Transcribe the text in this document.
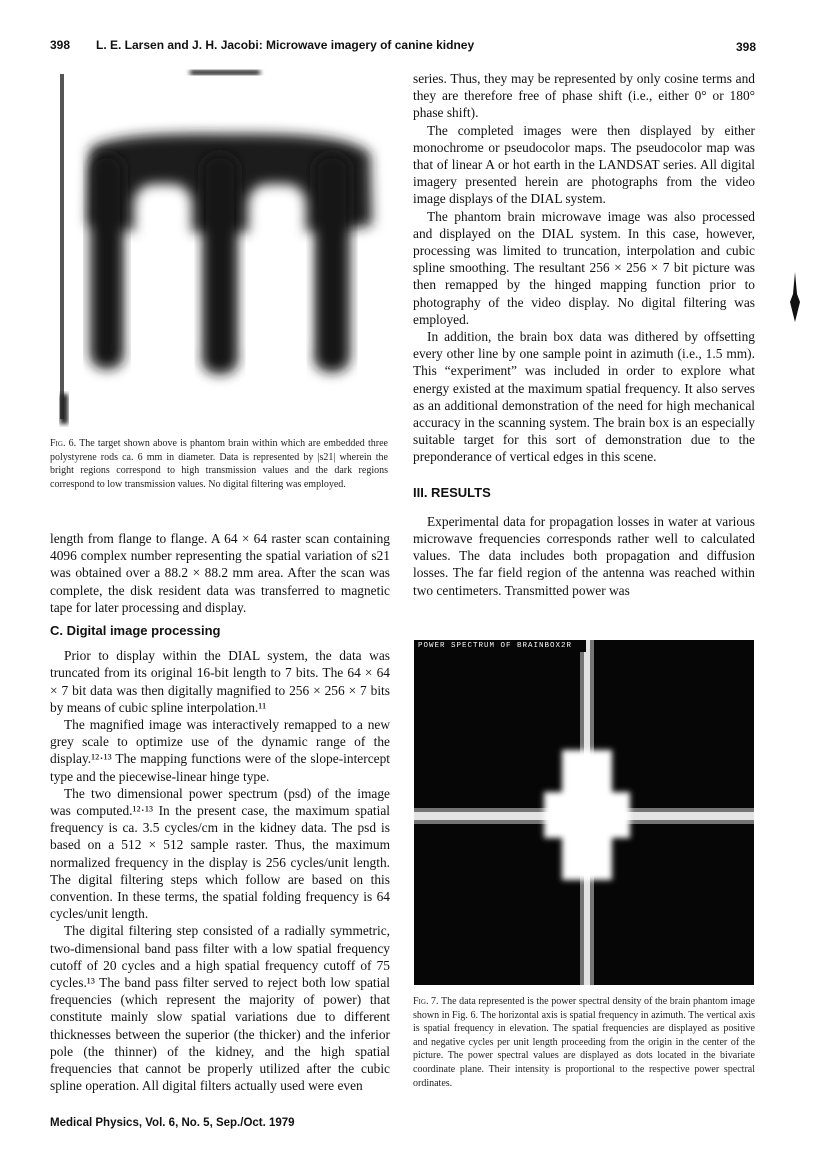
398 L. E. Larsen and J. H. Jacobi: Microwave imagery of canine kidney	398
Fig. 6. The target shown above is phantom brain within which are embedded three polystyrene rods ca. 6 mm in diameter. Data is represented by |s21| wherein the bright regions correspond to high transmission values and the dark regions correspond to low transmission values. No digital filtering was employed.

length from flange to flange. A 64 × 64 raster scan containing 4096 complex number representing the spatial variation of s21 was obtained over a 88.2 × 88.2 mm area. After the scan was complete, the disk resident data was transferred to magnetic tape for later processing and display.

C. Digital image processing

Prior to display within the DIAL system, the data was truncated from its original 16-bit length to 7 bits. The 64 × 64 × 7 bit data was then digitally magnified to 256 × 256 × 7 bits by means of cubic spline interpolation.¹¹

The magnified image was interactively remapped to a new grey scale to optimize use of the dynamic range of the display.¹²·¹³ The mapping functions were of the slope-intercept type and the piecewise-linear hinge type.

The two dimensional power spectrum (psd) of the image was computed.¹²·¹³ In the present case, the maximum spatial frequency is ca. 3.5 cycles/cm in the kidney data. The psd is based on a 512 × 512 sample raster. Thus, the maximum normalized frequency in the display is 256 cycles/unit length. The digital filtering steps which follow are based on this convention. In these terms, the spatial folding frequency is 64 cycles/unit length.

The digital filtering step consisted of a radially symmetric, two-dimensional band pass filter with a low spatial frequency cutoff of 20 cycles and a high spatial frequency cutoff of 75 cycles.¹³ The band pass filter served to reject both low spatial frequencies (which represent the majority of power) that constitute mainly slow spatial variations due to different thicknesses between the superior (the thicker) and the inferior pole (the thinner) of the kidney, and the high spatial frequencies that cannot be properly utilized after the cubic spline operation. All digital filters actually used were even

series. Thus, they may be represented by only cosine terms and they are therefore free of phase shift (i.e., either 0° or 180° phase shift).

The completed images were then displayed by either monochrome or pseudocolor maps. The pseudocolor map was that of linear A or hot earth in the LANDSAT series. All digital imagery presented herein are photographs from the video image displays of the DIAL system.

The phantom brain microwave image was also processed and displayed on the DIAL system. In this case, however, processing was limited to truncation, interpolation and cubic spline smoothing. The resultant 256 × 256 × 7 bit picture was then remapped by the hinged mapping function prior to photography of the video display. No digital filtering was employed.

In addition, the brain box data was dithered by offsetting every other line by one sample point in azimuth (i.e., 1.5 mm). This “experiment” was included in order to explore what energy existed at the maximum spatial frequency. It also serves as an additional demonstration of the need for high mechanical accuracy in the scanning system. The brain box is an especially suitable target for this sort of demonstration due to the preponderance of vertical edges in this scene.

III. RESULTS

Experimental data for propagation losses in water at various microwave frequencies corresponds rather well to calculated values. The data includes both propagation and diffusion losses. The far field region of the antenna was reached within two centimeters. Transmitted power was

POWER SPECTRUM OF BRAINBOX2R
Fig. 7. The data represented is the power spectral density of the brain phantom image shown in Fig. 6. The horizontal axis is spatial frequency in azimuth. The vertical axis is spatial frequency in elevation. The spatial frequencies are displayed as positive and negative cycles per unit length proceeding from the origin in the center of the picture. The power spectral values are displayed as dots located in the bivariate coordinate plane. Their intensity is proportional to the respective power spectral ordinates.
Medical Physics, Vol. 6, No. 5, Sep./Oct. 1979
